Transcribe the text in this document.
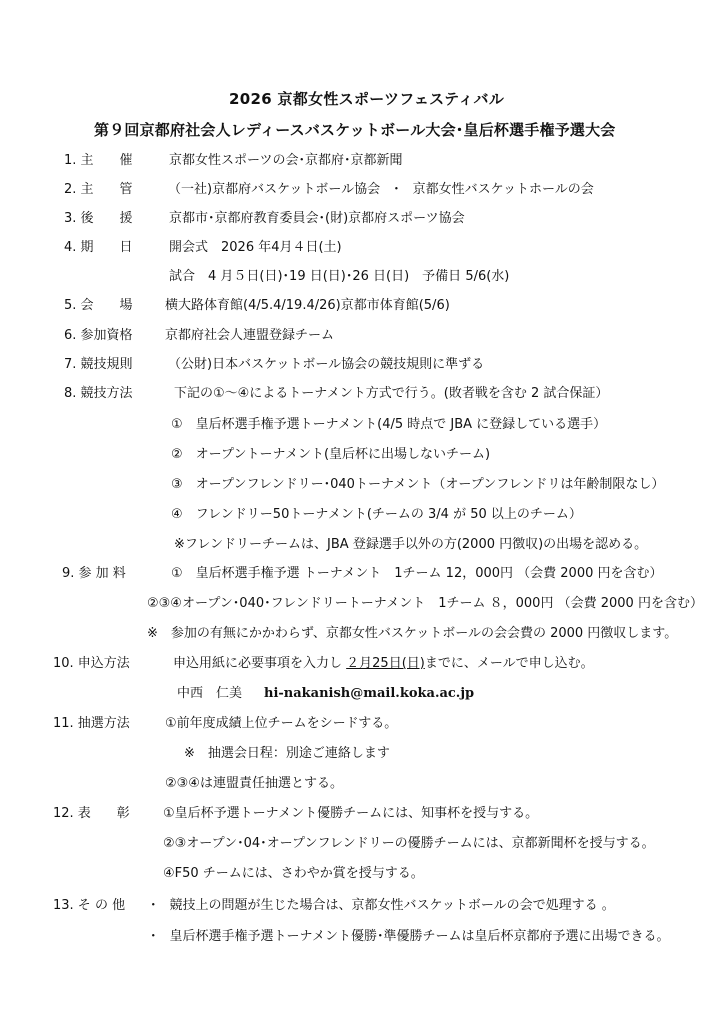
2026 京都女性スポーツフェスティバル
第９回京都府社会人レディースバスケットボール大会･皇后杯選手権予選大会
1. 主　　催	京都女性スポーツの会･京都府･京都新聞
2. 主　　管	（一社)京都府バスケットボール協会　･　京都女性バスケットホールの会
3. 後　　援	京都市･京都府教育委員会･(財)京都府スポーツ協会
4. 期　　日	開会式　2026 年4月４日(土)
試合　4 月５日(日)･19 日(日)･26 日(日)　予備日 5/6(水)
5. 会　　場 横大路体育館(4/5.4/19.4/26)京都市体育館(5/6)
6. 参加資格 京都府社会人連盟登録チーム
7. 競技規則	（公財)日本バスケットボール協会の競技規則に準ずる
8. 競技方法	下記の①～④によるトーナメント方式で行う。(敗者戦を含む 2 試合保証）
①　皇后杯選手権予選トーナメント(4/5 時点で JBA に登録している選手）
②　オープントーナメント(皇后杯に出場しないチーム)
③　オープンフレンドリー･040トーナメント（オープンフレンドリは年齢制限なし）
④　フレンドリー50トーナメント(チームの 3/4 が 50 以上のチーム）
※フレンドリーチームは、JBA 登録選手以外の方(2000 円徴収)の出場を認める。
9. 参 加 料	①　皇后杯選手権予選 トーナメント　1チーム 12，000円 （会費 2000 円を含む）
②③④オープン･040･フレンドリートーナメント　1チーム ８，000円 （会費 2000 円を含む）
※　参加の有無にかかわらず、京都女性バスケットボールの会会費の 2000 円徴収します。
10. 申込方法	申込用紙に必要事項を入力し ２月25日(日)までに、メールで申し込む。
中西　仁美 hi-nakanish@mail.koka.ac.jp
11. 抽選方法	①前年度成績上位チームをシードする。
※　抽選会日程：別途ご連絡します
②③④は連盟責任抽選とする。
12. 表　　彰	①皇后杯予選トーナメント優勝チームには、知事杯を授与する。
②③オープン･04･オープンフレンドリーの優勝チームには、京都新聞杯を授与する。
④F50 チームには、さわやか賞を授与する。
13. そ の 他 ･　競技上の問題が生じた場合は、京都女性バスケットボールの会で処理する 。
･　皇后杯選手権予選トーナメント優勝･準優勝チームは皇后杯京都府予選に出場できる。
